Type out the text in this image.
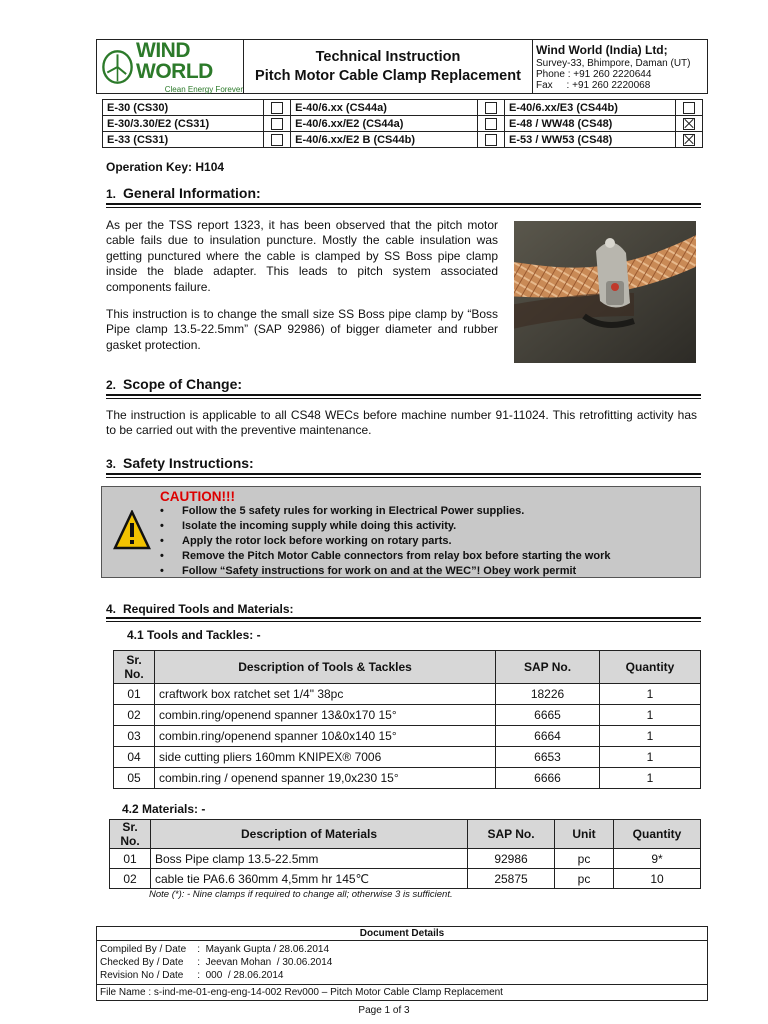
WIND WORLD
Clean Energy Forever

Technical Instruction
Pitch Motor Cable Clamp Replacement

Wind World (India) Ltd;
Survey-33, Bhimpore, Daman (UT)
Phone : +91 260 2220644
Fax     : +91 260 2220068
E-30 (CS30)		E-40/6.xx (CS44a)		E-40/6.xx/E3 (CS44b)	
E-30/3.30/E2 (CS31)		E-40/6.xx/E2 (CS44a)		E-48 / WW48 (CS48)	
E-33 (CS31)		E-40/6.xx/E2 B (CS44b)		E-53 / WW53 (CS48)	
Operation Key: H104
1. General Information:
As per the TSS report 1323, it has been observed that the pitch motor cable fails due to insulation puncture. Mostly the cable insulation was getting punctured where the cable is clamped by SS Boss pipe clamp inside the blade adapter. This leads to pitch system associated components failure.
This instruction is to change the small size SS Boss pipe clamp by “Boss Pipe clamp 13.5-22.5mm” (SAP 92986) of bigger diameter and rubber gasket protection.
2. Scope of Change:
The instruction is applicable to all CS48 WECs before machine number 91-11024. This retrofitting activity has to be carried out with the preventive maintenance.
3. Safety Instructions:
CAUTION!!!
• Follow the 5 safety rules for working in Electrical Power supplies.
• Isolate the incoming supply while doing this activity.
• Apply the rotor lock before working on rotary parts.
• Remove the Pitch Motor Cable connectors from relay box before starting the work
• Follow “Safety instructions for work on and at the WEC”! Obey work permit
4. Required Tools and Materials:
4.1 Tools and Tackles: -
Sr. No.	Description of Tools & Tackles	SAP No.	Quantity
01	craftwork box ratchet set 1/4" 38pc	18226	1
02	combin.ring/openend spanner 13&0x170 15°	6665	1
03	combin.ring/openend spanner 10&0x140 15°	6664	1
04	side cutting pliers 160mm KNIPEX® 7006	6653	1
05	combin.ring / openend spanner 19,0x230 15°	6666	1
4.2 Materials: -
Sr. No.	Description of Materials	SAP No.	Unit	Quantity
01	Boss Pipe clamp 13.5-22.5mm	92986	pc	9*
02	cable tie PA6.6 360mm 4,5mm hr 145℃	25875	pc	10
Note (*): - Nine clamps if required to change all; otherwise 3 is sufficient.
Document Details

Compiled By / Date    :  Mayank Gupta / 28.06.2014
Checked By / Date     :  Jeevan Mohan  / 30.06.2014
Revision No / Date     :  000  / 28.06.2014

File Name : s-ind-me-01-eng-eng-14-002 Rev000 – Pitch Motor Cable Clamp Replacement
Page 1 of 3
